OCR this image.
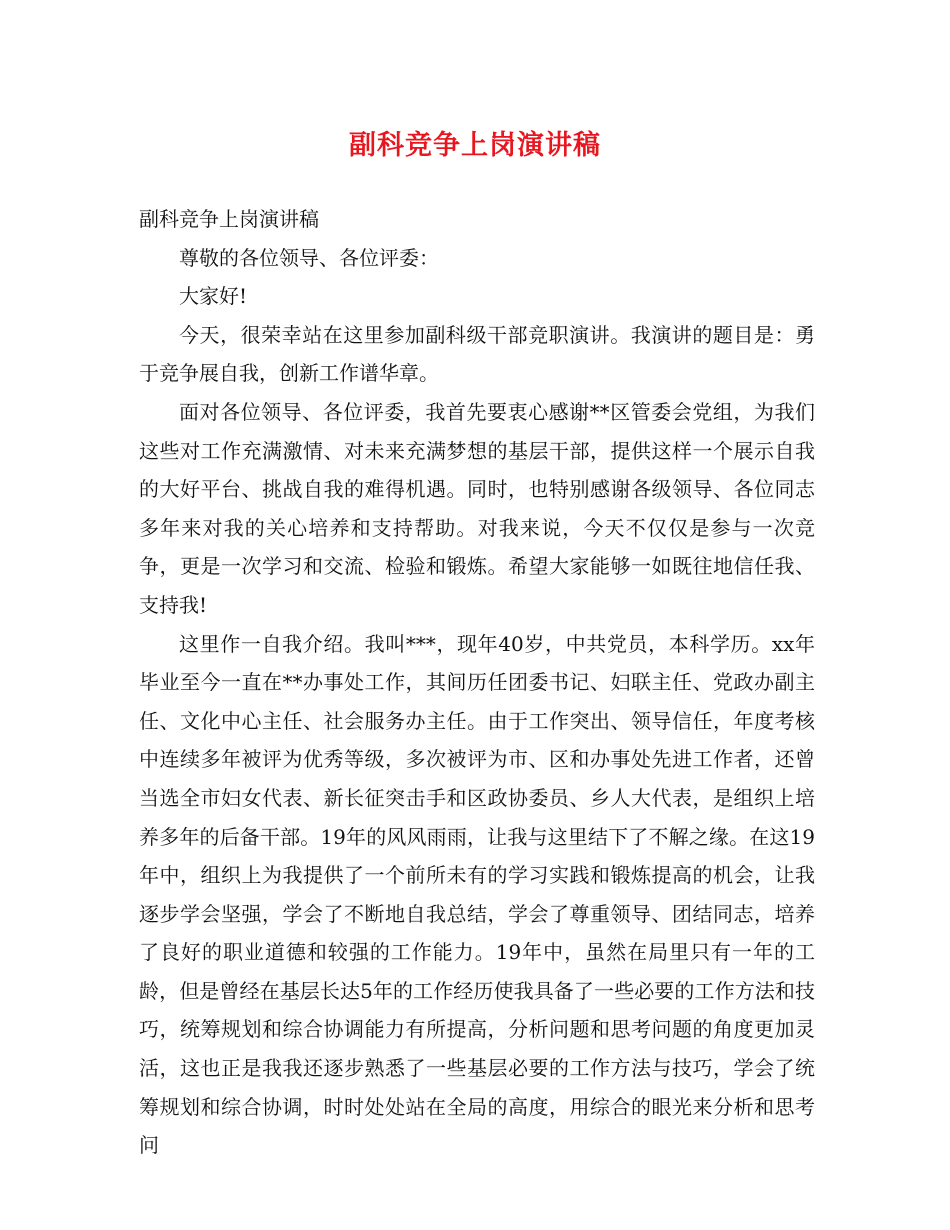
副科竞争上岗演讲稿

副科竞争上岗演讲稿

尊敬的各位领导、各位评委：

大家好!

今天，很荣幸站在这里参加副科级干部竞职演讲。我演讲的题目是：勇于竞争展自我，创新工作谱华章。

面对各位领导、各位评委，我首先要衷心感谢**区管委会党组，为我们这些对工作充满激情、对未来充满梦想的基层干部，提供这样一个展示自我的大好平台、挑战自我的难得机遇。同时，也特别感谢各级领导、各位同志多年来对我的关心培养和支持帮助。对我来说，今天不仅仅是参与一次竞争，更是一次学习和交流、检验和锻炼。希望大家能够一如既往地信任我、支持我!

这里作一自我介绍。我叫***，现年40岁，中共党员，本科学历。xx年毕业至今一直在**办事处工作，其间历任团委书记、妇联主任、党政办副主任、文化中心主任、社会服务办主任。由于工作突出、领导信任，年度考核中连续多年被评为优秀等级，多次被评为市、区和办事处先进工作者，还曾当选全市妇女代表、新长征突击手和区政协委员、乡人大代表，是组织上培养多年的后备干部。19年的风风雨雨，让我与这里结下了不解之缘。在这19年中，组织上为我提供了一个前所未有的学习实践和锻炼提高的机会，让我逐步学会坚强，学会了不断地自我总结，学会了尊重领导、团结同志，培养了良好的职业道德和较强的工作能力。19年中，虽然在局里只有一年的工龄，但是曾经在基层长达5年的工作经历使我具备了一些必要的工作方法和技巧，统筹规划和综合协调能力有所提高，分析问题和思考问题的角度更加灵活，这也正是我我还逐步熟悉了一些基层必要的工作方法与技巧，学会了统筹规划和综合协调，时时处处站在全局的高度，用综合的眼光来分析和思考问
